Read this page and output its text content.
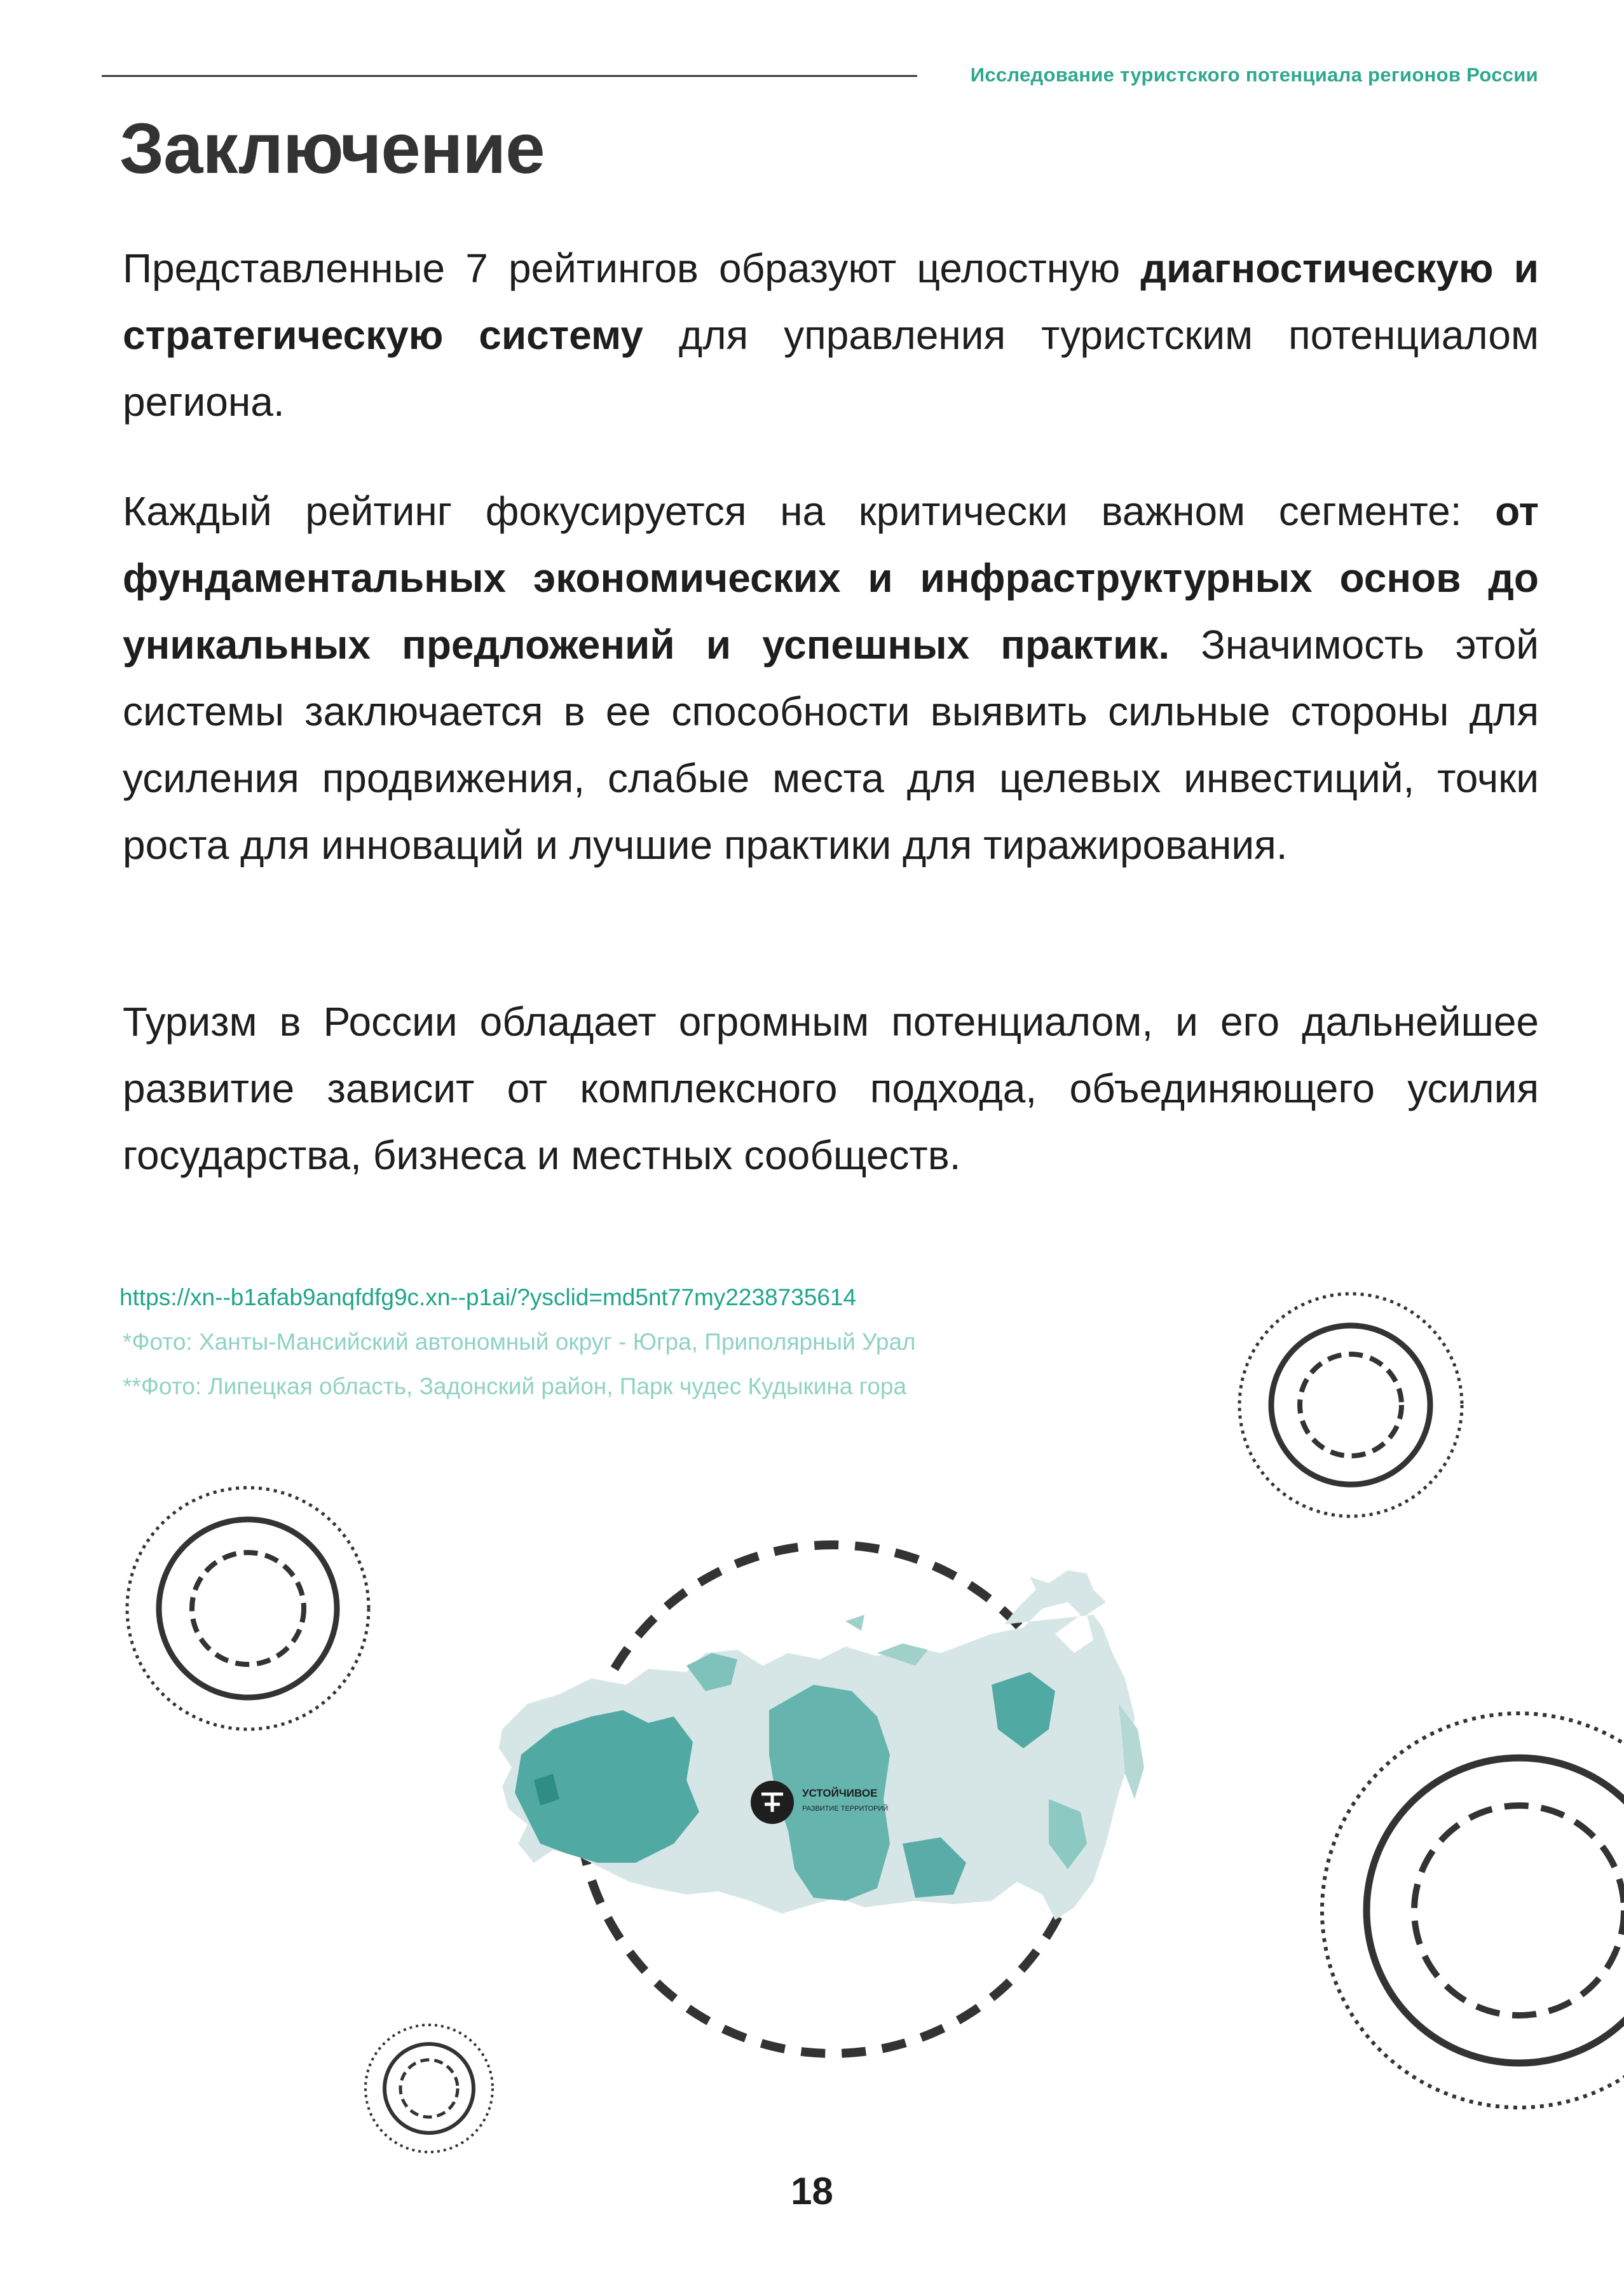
Исследование туристского потенциала регионов России
Заключение

Представленные 7 рейтингов образуют целостную диагностическую и стратегическую систему для управления туристским потенциалом региона.

Каждый рейтинг фокусируется на критически важном сегменте: от фундаментальных экономических и инфраструктурных основ до уникальных предложений и успешных практик. Значимость этой системы заключается в ее способности выявить сильные стороны для усиления продвижения, слабые места для целевых инвестиций, точки роста для инноваций и лучшие практики для тиражирования.

Туризм в России обладает огромным потенциалом, и его дальнейшее развитие зависит от комплексного подхода, объединяющего усилия государства, бизнеса и местных сообществ.

https://xn--b1afab9anqfdfg9c.xn--p1ai/?ysclid=md5nt77my2238735614
*Фото: Ханты-Мансийский автономный округ - Югра, Приполярный Урал
**Фото: Липецкая область, Задонский район, Парк чудес Кудыкина гора
УСТОЙЧИВОЕ
РАЗВИТИЕ ТЕРРИТОРИЙ
18
